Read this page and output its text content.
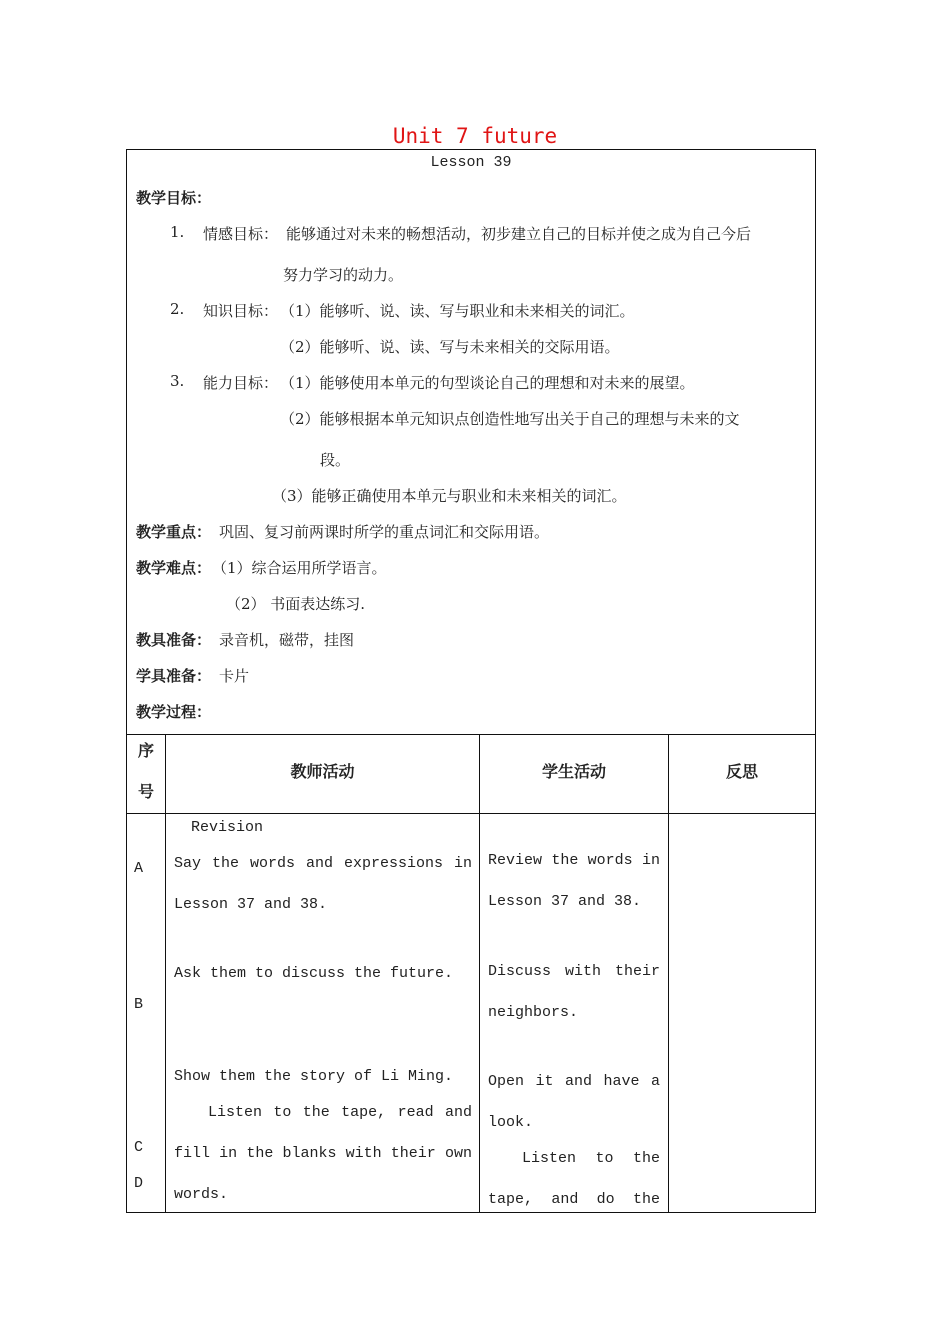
Unit 7 future
Lesson 39
教学目标：
1. 情感目标： 能够通过对未来的畅想活动，初步建立自己的目标并使之成为自己今后
努力学习的动力。
2. 知识目标： （1）能够听、说、读、写与职业和未来相关的词汇。
（2）能够听、说、读、写与未来相关的交际用语。
3. 能力目标： （1）能够使用本单元的句型谈论自己的理想和对未来的展望。
（2）能够根据本单元知识点创造性地写出关于自己的理想与未来的文
段。
（3）能够正确使用本单元与职业和未来相关的词汇。
教学重点： 巩固、复习前两课时所学的重点词汇和交际用语。
教学难点： （1）综合运用所学语言。
（2） 书面表达练习.
教具准备： 录音机，磁带，挂图
学具准备： 卡片
教学过程：
序
号
教师活动	学生活动	反思
A
B
C
D
Revision
Say the words and expressions in
Lesson 37 and 38.
Ask them to discuss the future.
Show them the story of Li Ming.
Listen to the tape, read and
fill in the blanks with their own
words.
Review the words in
Lesson 37 and 38.
Discuss with their
neighbors.
Open it and have a
look.
Listen to the
tape, and do the
